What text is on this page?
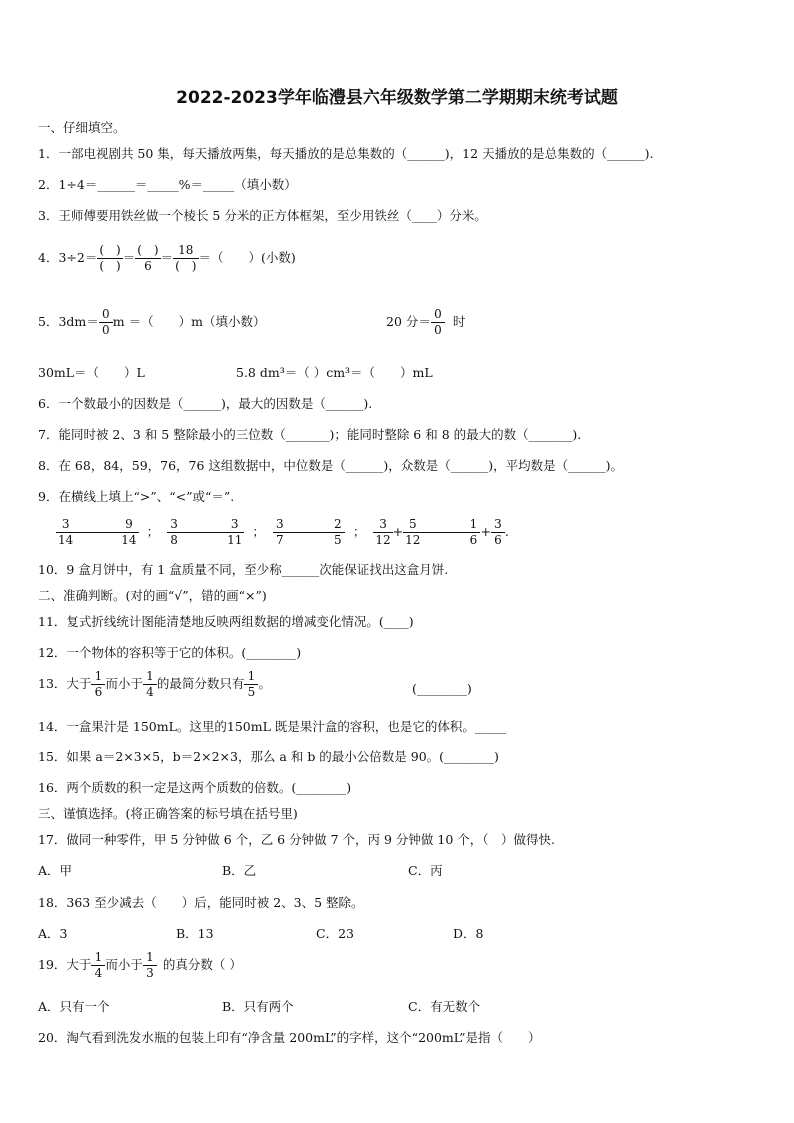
2022-2023学年临澧县六年级数学第二学期期末统考试题
一、仔细填空。
1．一部电视剧共 50 集，每天播放两集，每天播放的是总集数的（______)，12 天播放的是总集数的（______).
2．1÷4＝______＝_____%＝_____（填小数）
3．王师傅要用铁丝做一个棱长 5 分米的正方体框架，至少用铁丝（____）分米。
4．$3\div 2= \frac{( )}{( )} = \frac{( )}{6} = \frac{18}{( )}$ ＝（　　）(小数)
5．$3dm= \frac{0}{0}$ m ＝（　　）m（填小数）	20 分＝ $\frac{0}{0}$ 时
30mL＝（　　）L	5.8 dm³＝（ ）cm³＝（　　）mL
6．一个数最小的因数是（______)，最大的因数是（______).
7．能同时被 2、3 和 5 整除最小的三位数（_______)；能同时整除 6 和 8 的最大的数（_______).
8．在 68，84，59，76，76 这组数据中，中位数是（______)，众数是（______)，平均数是（______)。
9．在横线上填上“>”、“<”或“＝”.
$\frac{3}{14}$	$\frac{9}{14}$ ； $\frac{3}{8}$	$\frac{3}{11}$ ； $\frac{3}{7}$	$\frac{2}{5}$ ； $\frac{3}{12} + \frac{5}{12}$	$\frac{1}{6} + \frac{3}{6}$ .
10．9 盒月饼中，有 1 盒质量不同，至少称______次能保证找出这盒月饼.
二、准确判断。(对的画“√”，错的画“×”)
11．复式折线统计图能清楚地反映两组数据的增减变化情况。(____)
12．一个物体的容积等于它的体积。(________)
13．大于 $\frac{1}{6}$ 而小于 $\frac{1}{4}$ 的最简分数只有 $\frac{1}{5}$ 。	(________)
14．一盒果汁是 150mL。这里的150mL 既是果汁盒的容积，也是它的体积。_____
15．如果 a＝2×3×5，b＝2×2×3，那么 a 和 b 的最小公倍数是 90。(________)
16．两个质数的积一定是这两个质数的倍数。(________)
三、谨慎选择。(将正确答案的标号填在括号里)
17．做同一种零件，甲 5 分钟做 6 个，乙 6 分钟做 7 个，丙 9 分钟做 10 个，（　）做得快.
A．甲	B．乙	C．丙
18．363 至少减去（　　）后，能同时被 2、3、5 整除。
A．3	B．13	C．23	D．8
19．大于 $\frac{1}{4}$ 而小于 $\frac{1}{3}$ 的真分数（ ）
A．只有一个	B．只有两个	C．有无数个
20．淘气看到洗发水瓶的包装上印有“净含量 200mL”的字样，这个“200mL”是指（　　）
